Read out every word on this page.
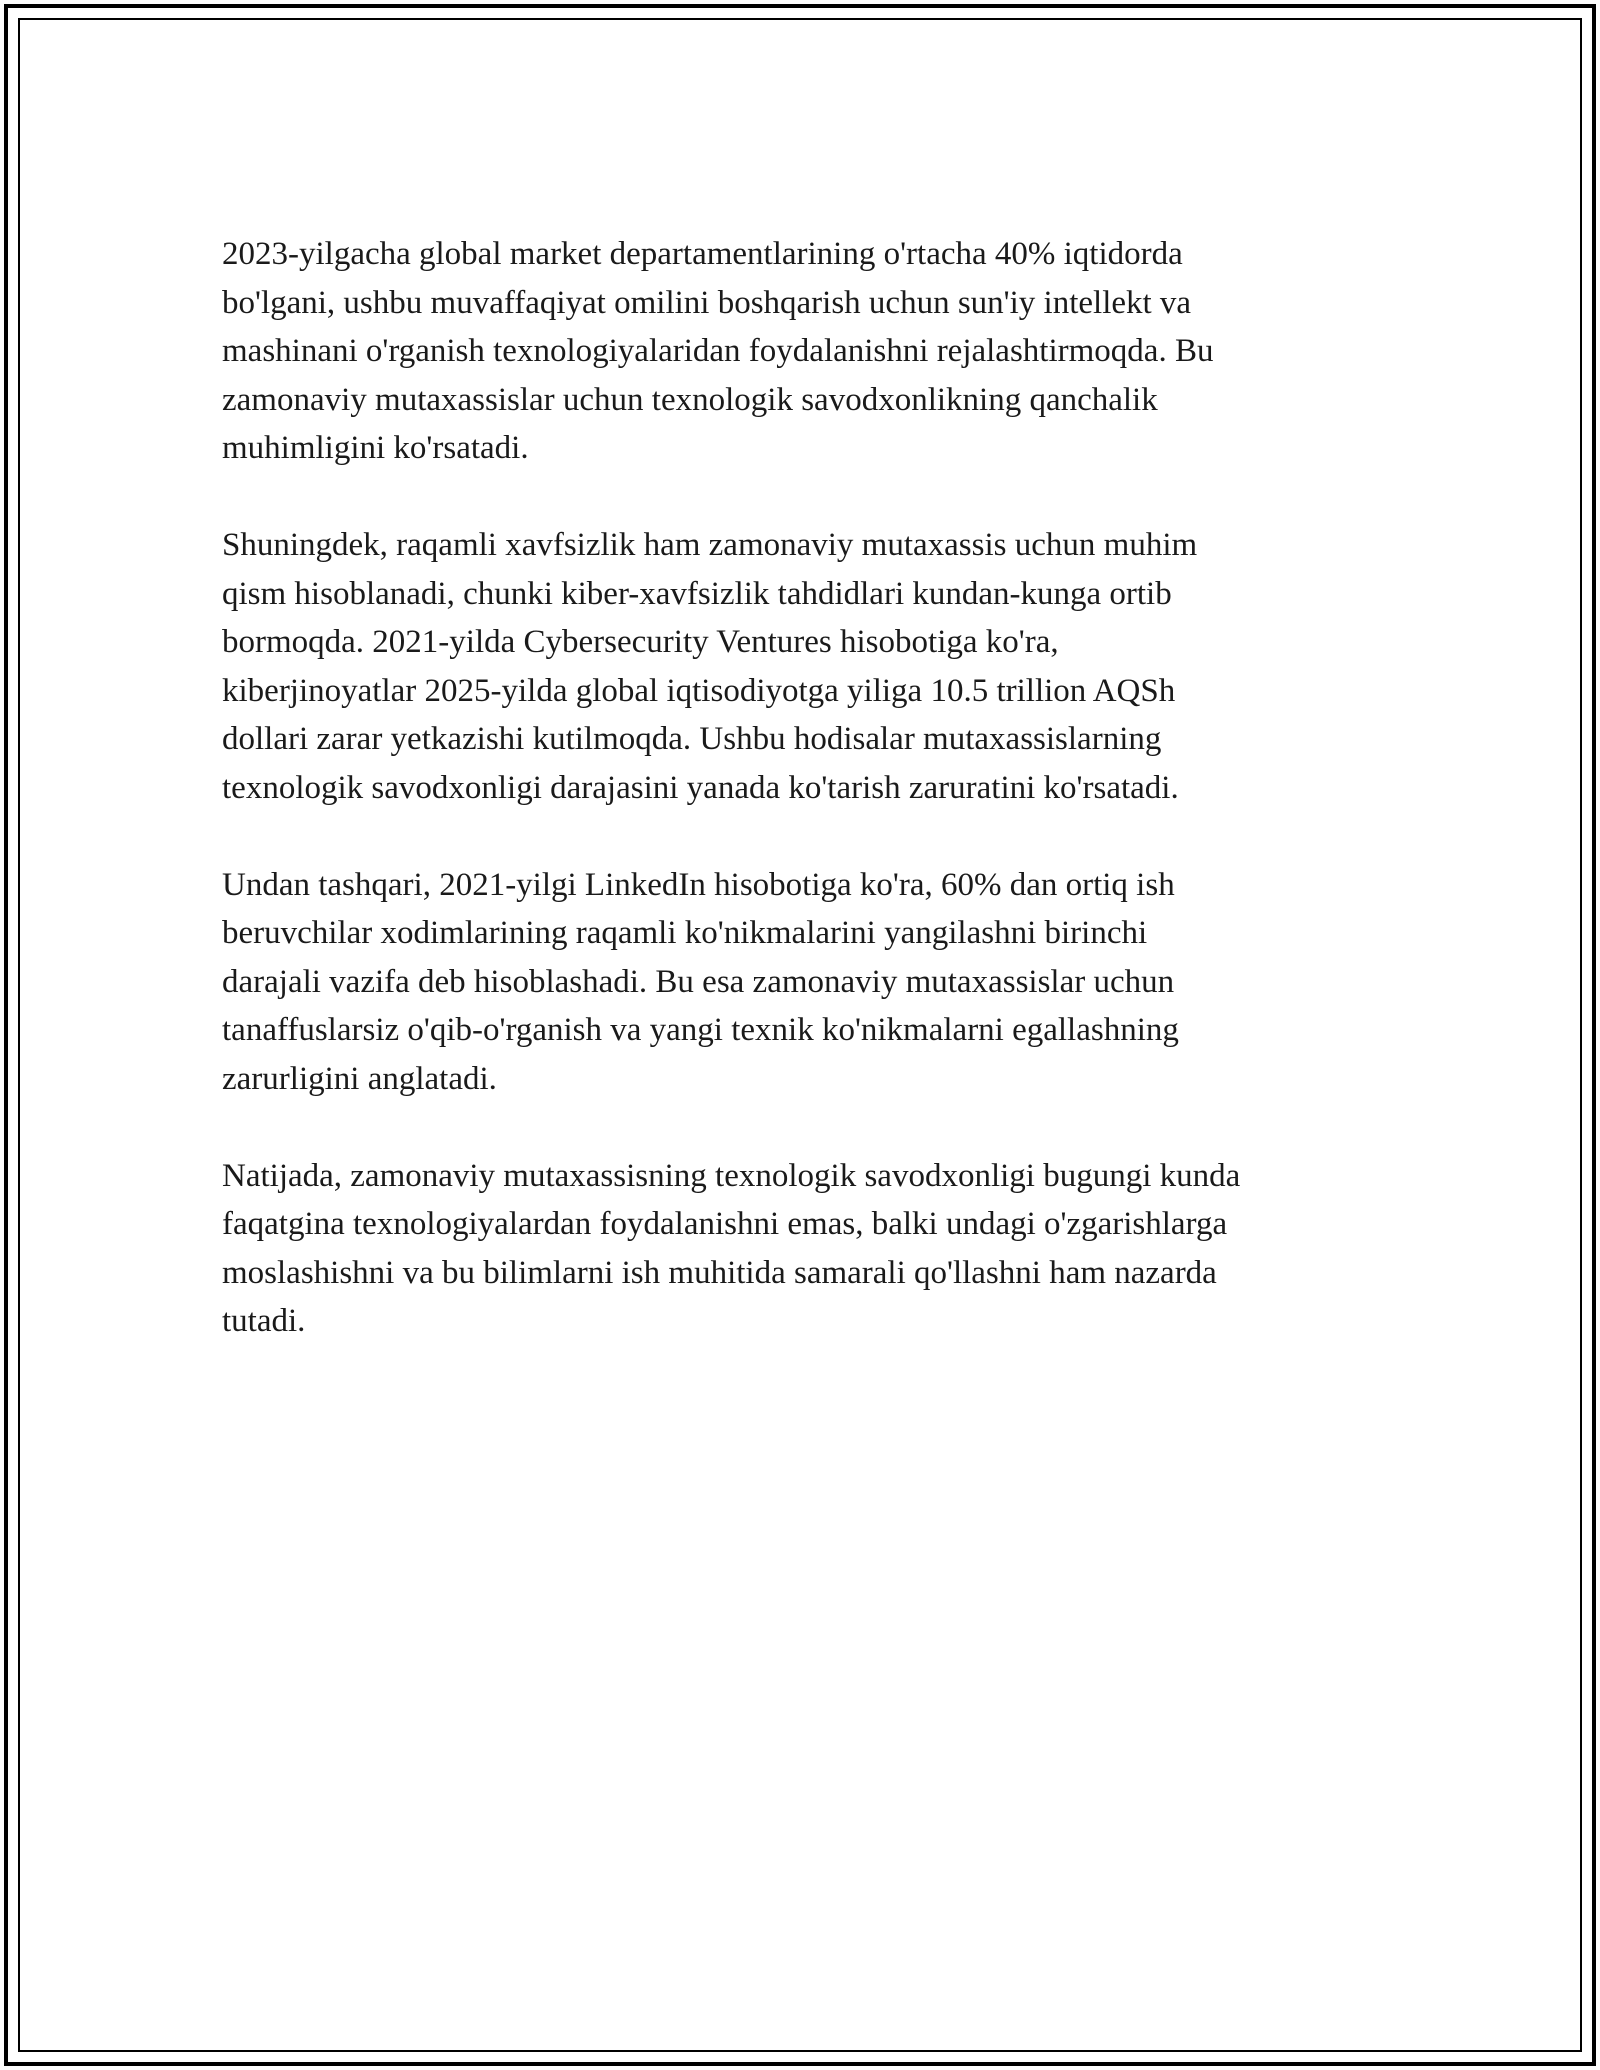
2023-yilgacha global market departamentlarining o'rtacha 40% iqtidorda
bo'lgani, ushbu muvaffaqiyat omilini boshqarish uchun sun'iy intellekt va
mashinani o'rganish texnologiyalaridan foydalanishni rejalashtirmoqda. Bu
zamonaviy mutaxassislar uchun texnologik savodxonlikning qanchalik
muhimligini ko'rsatadi.

Shuningdek, raqamli xavfsizlik ham zamonaviy mutaxassis uchun muhim
qism hisoblanadi, chunki kiber-xavfsizlik tahdidlari kundan-kunga ortib
bormoqda. 2021-yilda Cybersecurity Ventures hisobotiga ko'ra,
kiberjinoyatlar 2025-yilda global iqtisodiyotga yiliga 10.5 trillion AQSh
dollari zarar yetkazishi kutilmoqda. Ushbu hodisalar mutaxassislarning
texnologik savodxonligi darajasini yanada ko'tarish zaruratini ko'rsatadi.

Undan tashqari, 2021-yilgi LinkedIn hisobotiga ko'ra, 60% dan ortiq ish
beruvchilar xodimlarining raqamli ko'nikmalarini yangilashni birinchi
darajali vazifa deb hisoblashadi. Bu esa zamonaviy mutaxassislar uchun
tanaffuslarsiz o'qib-o'rganish va yangi texnik ko'nikmalarni egallashning
zarurligini anglatadi.

Natijada, zamonaviy mutaxassisning texnologik savodxonligi bugungi kunda
faqatgina texnologiyalardan foydalanishni emas, balki undagi o'zgarishlarga
moslashishni va bu bilimlarni ish muhitida samarali qo'llashni ham nazarda
tutadi.
